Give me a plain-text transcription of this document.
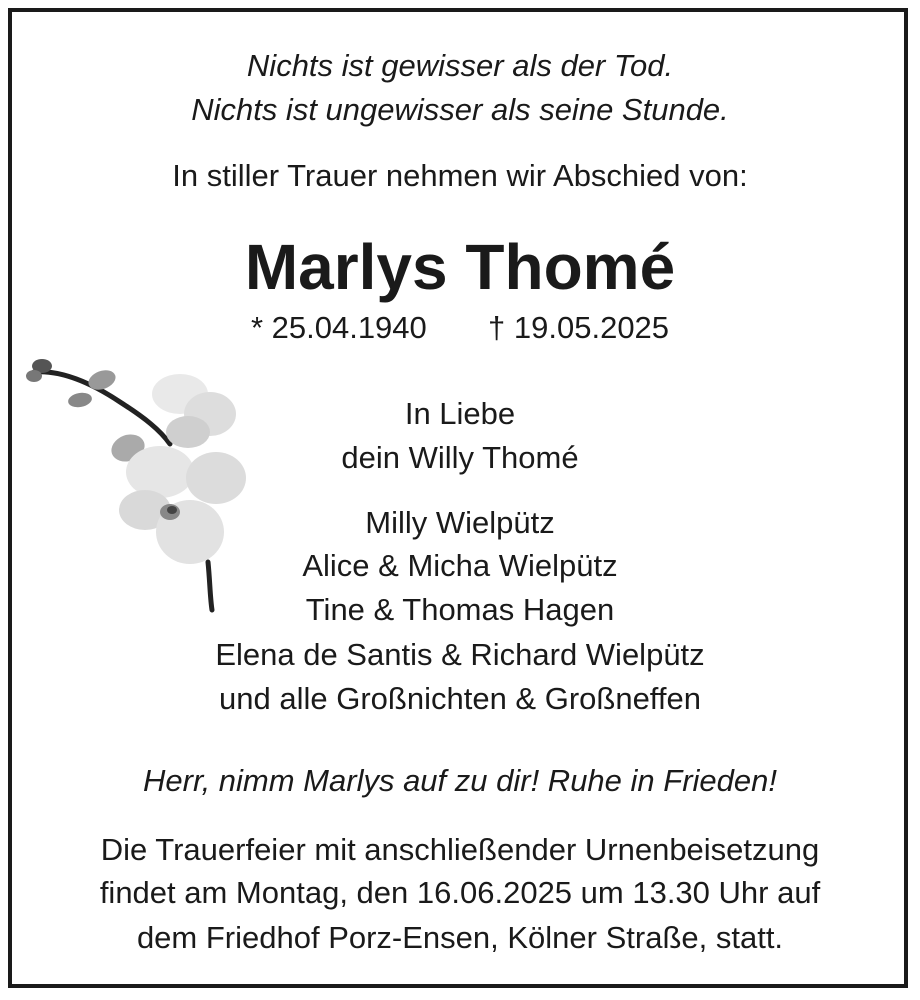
Nichts ist gewisser als der Tod.
Nichts ist ungewisser als seine Stunde.
In stiller Trauer nehmen wir Abschied von:
Marlys Thomé
* 25.04.1940 † 19.05.2025
In Liebe
dein Willy Thomé
Milly Wielpütz
Alice & Micha Wielpütz
Tine & Thomas Hagen
Elena de Santis & Richard Wielpütz
und alle Großnichten & Großneffen
Herr, nimm Marlys auf zu dir! Ruhe in Frieden!
Die Trauerfeier mit anschließender Urnenbeisetzung
findet am Montag, den 16.06.2025 um 13.30 Uhr auf
dem Friedhof Porz-Ensen, Kölner Straße, statt.
